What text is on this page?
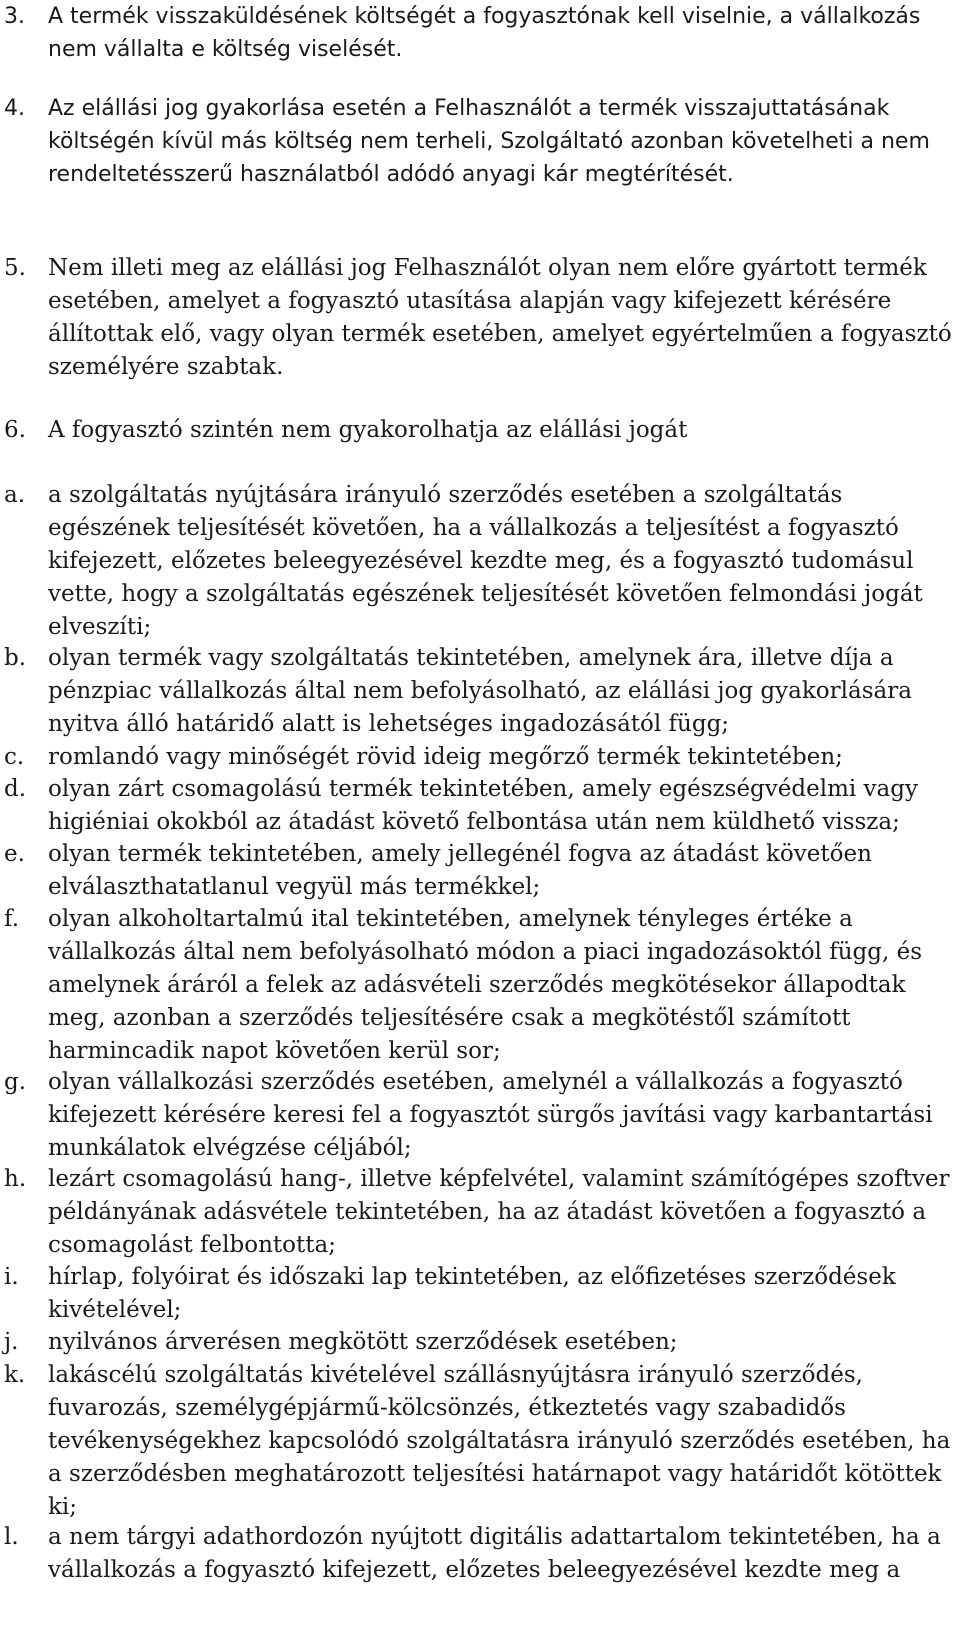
3.	A termék visszaküldésének költségét a fogyasztónak kell viselnie, a vállalkozás nem vállalta e költség viselését.
4.	Az elállási jog gyakorlása esetén a Felhasználót a termék visszajuttatásának költségén kívül más költség nem terheli, Szolgáltató azonban követelheti a nem rendeltetésszerű használatból adódó anyagi kár megtérítését.
5. Nem illeti meg az elállási jog Felhasználót olyan nem előre gyártott termék esetében, amelyet a fogyasztó utasítása alapján vagy kifejezett kérésére állítottak elő, vagy olyan termék esetében, amelyet egyértelműen a fogyasztó személyére szabtak.
6. A fogyasztó szintén nem gyakorolhatja az elállási jogát
a. a szolgáltatás nyújtására irányuló szerződés esetében a szolgáltatás egészének teljesítését követően, ha a vállalkozás a teljesítést a fogyasztó kifejezett, előzetes beleegyezésével kezdte meg, és a fogyasztó tudomásul vette, hogy a szolgáltatás egészének teljesítését követően felmondási jogát elveszíti;
b. olyan termék vagy szolgáltatás tekintetében, amelynek ára, illetve díja a pénzpiac vállalkozás által nem befolyásolható, az elállási jog gyakorlására nyitva álló határidő alatt is lehetséges ingadozásától függ;
c.	romlandó vagy minőségét rövid ideig megőrző termék tekintetében;
d. olyan zárt csomagolású termék tekintetében, amely egészségvédelmi vagy higiéniai okokból az átadást követő felbontása után nem küldhető vissza;
e.	olyan termék tekintetében, amely jellegénél fogva az átadást követően elválaszthatatlanul vegyül más termékkel;
f.	olyan alkoholtartalmú ital tekintetében, amelynek tényleges értéke a vállalkozás által nem befolyásolható módon a piaci ingadozásoktól függ, és amelynek áráról a felek az adásvételi szerződés megkötésekor állapodtak meg, azonban a szerződés teljesítésére csak a megkötéstől számított harmincadik napot követően kerül sor;
g. olyan vállalkozási szerződés esetében, amelynél a vállalkozás a fogyasztó kifejezett kérésére keresi fel a fogyasztót sürgős javítási vagy karbantartási munkálatok elvégzése céljából;
h. lezárt csomagolású hang-, illetve képfelvétel, valamint számítógépes szoftver példányának adásvétele tekintetében, ha az átadást követően a fogyasztó a csomagolást felbontotta;
i.	hírlap, folyóirat és időszaki lap tekintetében, az előfizetéses szerződések kivételével;
j.	nyilvános árverésen megkötött szerződések esetében;
k. lakáscélú szolgáltatás kivételével szállásnyújtásra irányuló szerződés, fuvarozás, személygépjármű-kölcsönzés, étkeztetés vagy szabadidős tevékenységekhez kapcsolódó szolgáltatásra irányuló szerződés esetében, ha a szerződésben meghatározott teljesítési határnapot vagy határidőt kötöttek ki;
l.	a nem tárgyi adathordozón nyújtott digitális adattartalom tekintetében, ha a vállalkozás a fogyasztó kifejezett, előzetes beleegyezésével kezdte meg a
